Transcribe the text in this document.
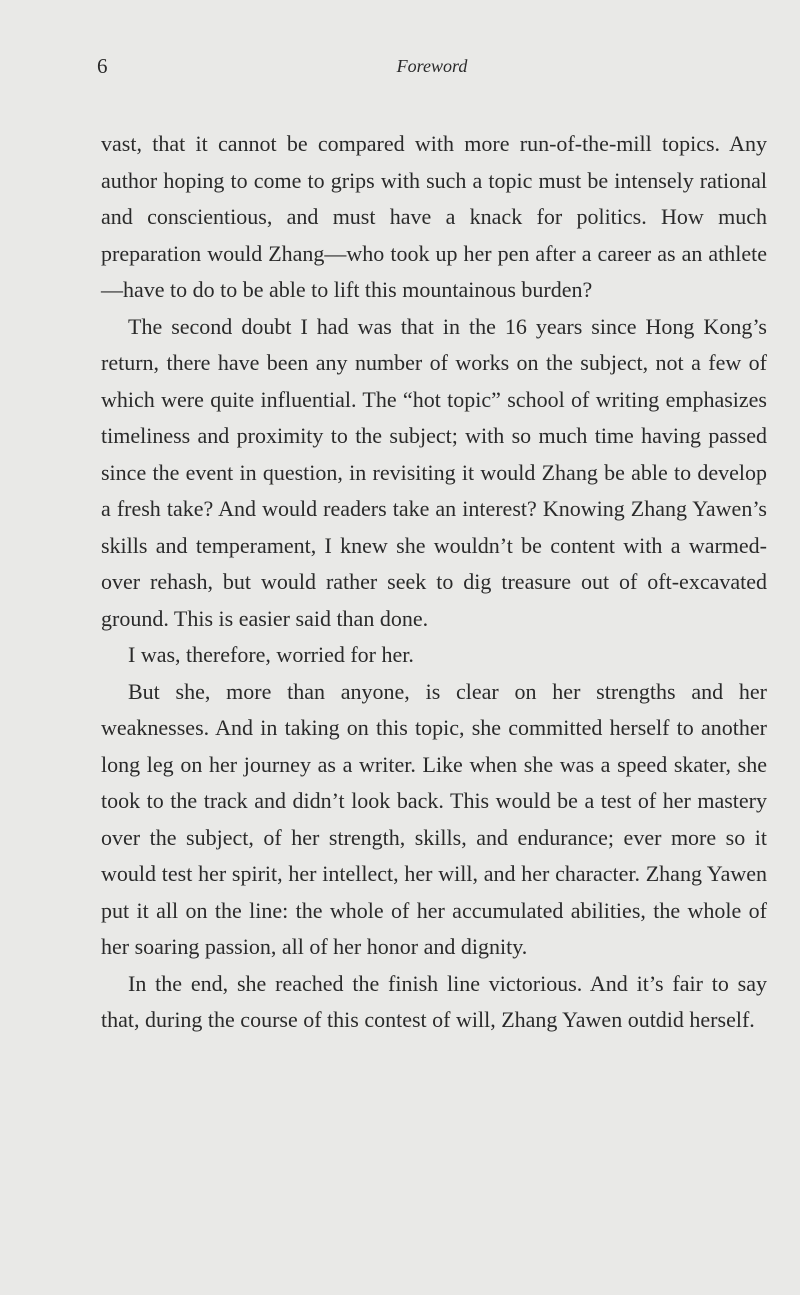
6	Foreword

vast, that it cannot be compared with more run-of-the-mill topics. Any author hoping to come to grips with such a topic must be intensely rational and conscientious, and must have a knack for politics. How much preparation would Zhang—who took up her pen after a career as an athlete—have to do to be able to lift this mountainous burden?

The second doubt I had was that in the 16 years since Hong Kong’s return, there have been any number of works on the subject, not a few of which were quite influential. The “hot topic” school of writing emphasizes timeliness and proximity to the subject; with so much time having passed since the event in question, in revisiting it would Zhang be able to develop a fresh take? And would readers take an interest? Knowing Zhang Yawen’s skills and temperament, I knew she wouldn’t be content with a warmed-over rehash, but would rather seek to dig treasure out of oft-excavated ground. This is easier said than done.

I was, therefore, worried for her.

But she, more than anyone, is clear on her strengths and her weaknesses. And in taking on this topic, she committed herself to another long leg on her journey as a writer. Like when she was a speed skater, she took to the track and didn’t look back. This would be a test of her mastery over the subject, of her strength, skills, and endurance; ever more so it would test her spirit, her intellect, her will, and her character. Zhang Yawen put it all on the line: the whole of her accumulated abilities, the whole of her soaring passion, all of her honor and dignity.

In the end, she reached the finish line victorious. And it’s fair to say that, during the course of this contest of will, Zhang Yawen outdid herself.
